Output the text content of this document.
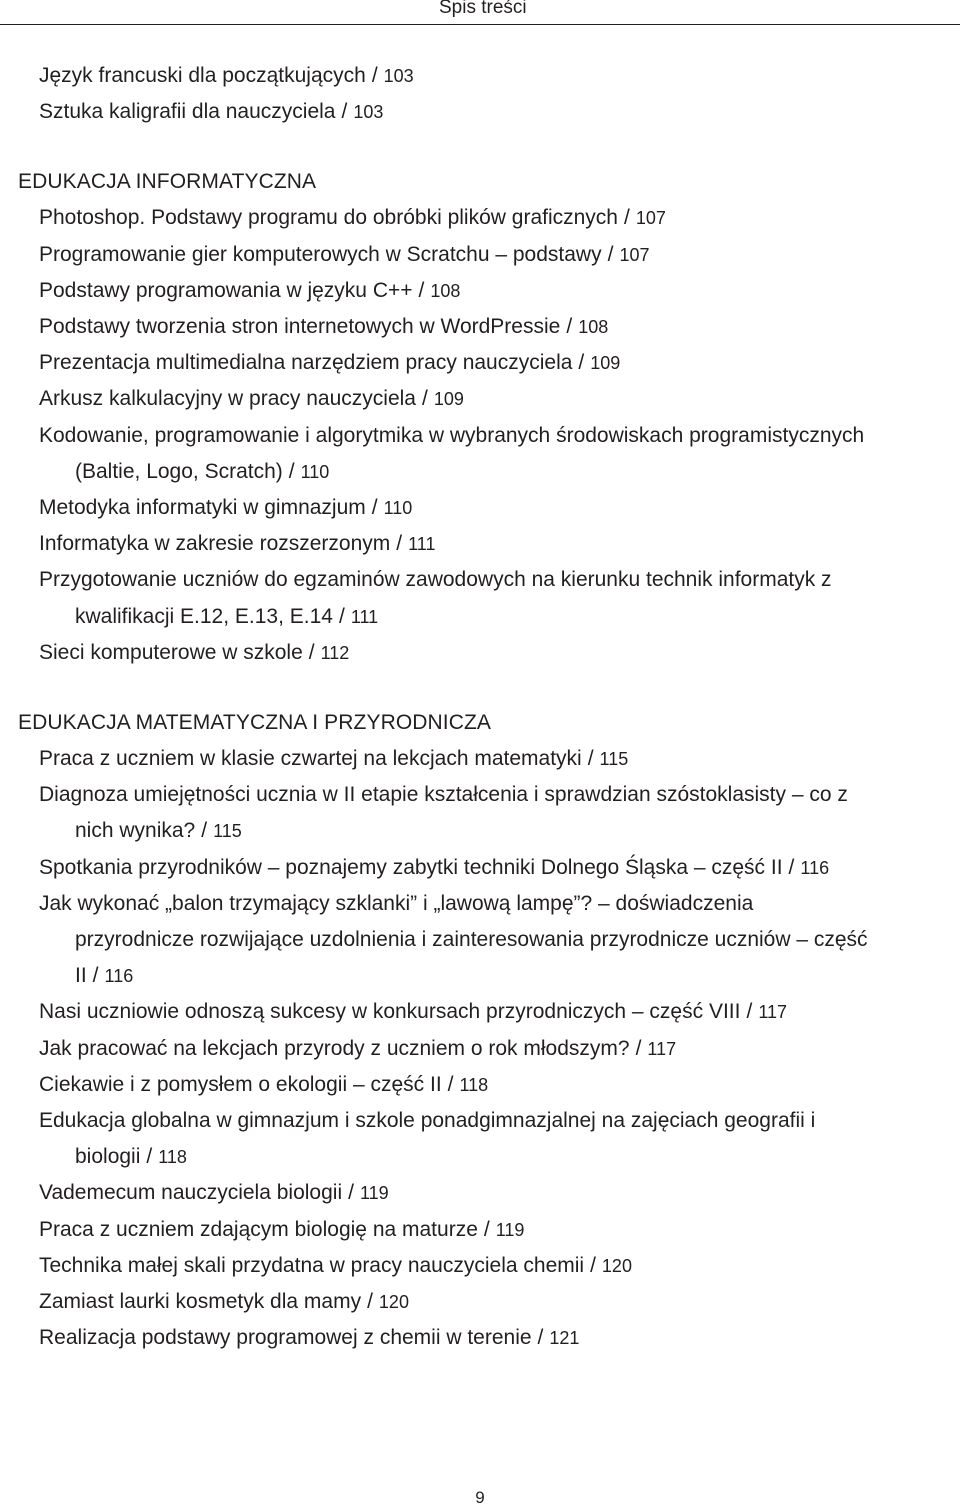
Spis treści

Język francuski dla początkujących / 103

Sztuka kaligrafii dla nauczyciela / 103

EDUKACJA INFORMATYCZNA

Photoshop. Podstawy programu do obróbki plików graficznych / 107

Programowanie gier komputerowych w Scratchu – podstawy / 107

Podstawy programowania w języku C++ / 108

Podstawy tworzenia stron internetowych w WordPressie / 108

Prezentacja multimedialna narzędziem pracy nauczyciela / 109

Arkusz kalkulacyjny w pracy nauczyciela / 109

Kodowanie, programowanie i algorytmika w wybranych środowiskach programistycznych (Baltie, Logo, Scratch) / 110

Metodyka informatyki w gimnazjum / 110

Informatyka w zakresie rozszerzonym / 111

Przygotowanie uczniów do egzaminów zawodowych na kierunku technik informatyk z kwalifikacji E.12, E.13, E.14 / 111

Sieci komputerowe w szkole / 112

EDUKACJA MATEMATYCZNA I PRZYRODNICZA

Praca z uczniem w klasie czwartej na lekcjach matematyki / 115

Diagnoza umiejętności ucznia w II etapie kształcenia i sprawdzian szóstoklasisty – co z nich wynika? / 115

Spotkania przyrodników – poznajemy zabytki techniki Dolnego Śląska – część II / 116

Jak wykonać „balon trzymający szklanki” i „lawową lampę”? – doświadczenia przyrodnicze rozwijające uzdolnienia i zainteresowania przyrodnicze uczniów – część II / 116

Nasi uczniowie odnoszą sukcesy w konkursach przyrodniczych – część VIII / 117

Jak pracować na lekcjach przyrody z uczniem o rok młodszym? / 117

Ciekawie i z pomysłem o ekologii – część II / 118

Edukacja globalna w gimnazjum i szkole ponadgimnazjalnej na zajęciach geografii i biologii / 118

Vademecum nauczyciela biologii / 119

Praca z uczniem zdającym biologię na maturze / 119

Technika małej skali przydatna w pracy nauczyciela chemii / 120

Zamiast laurki kosmetyk dla mamy / 120

Realizacja podstawy programowej z chemii w terenie / 121

9
